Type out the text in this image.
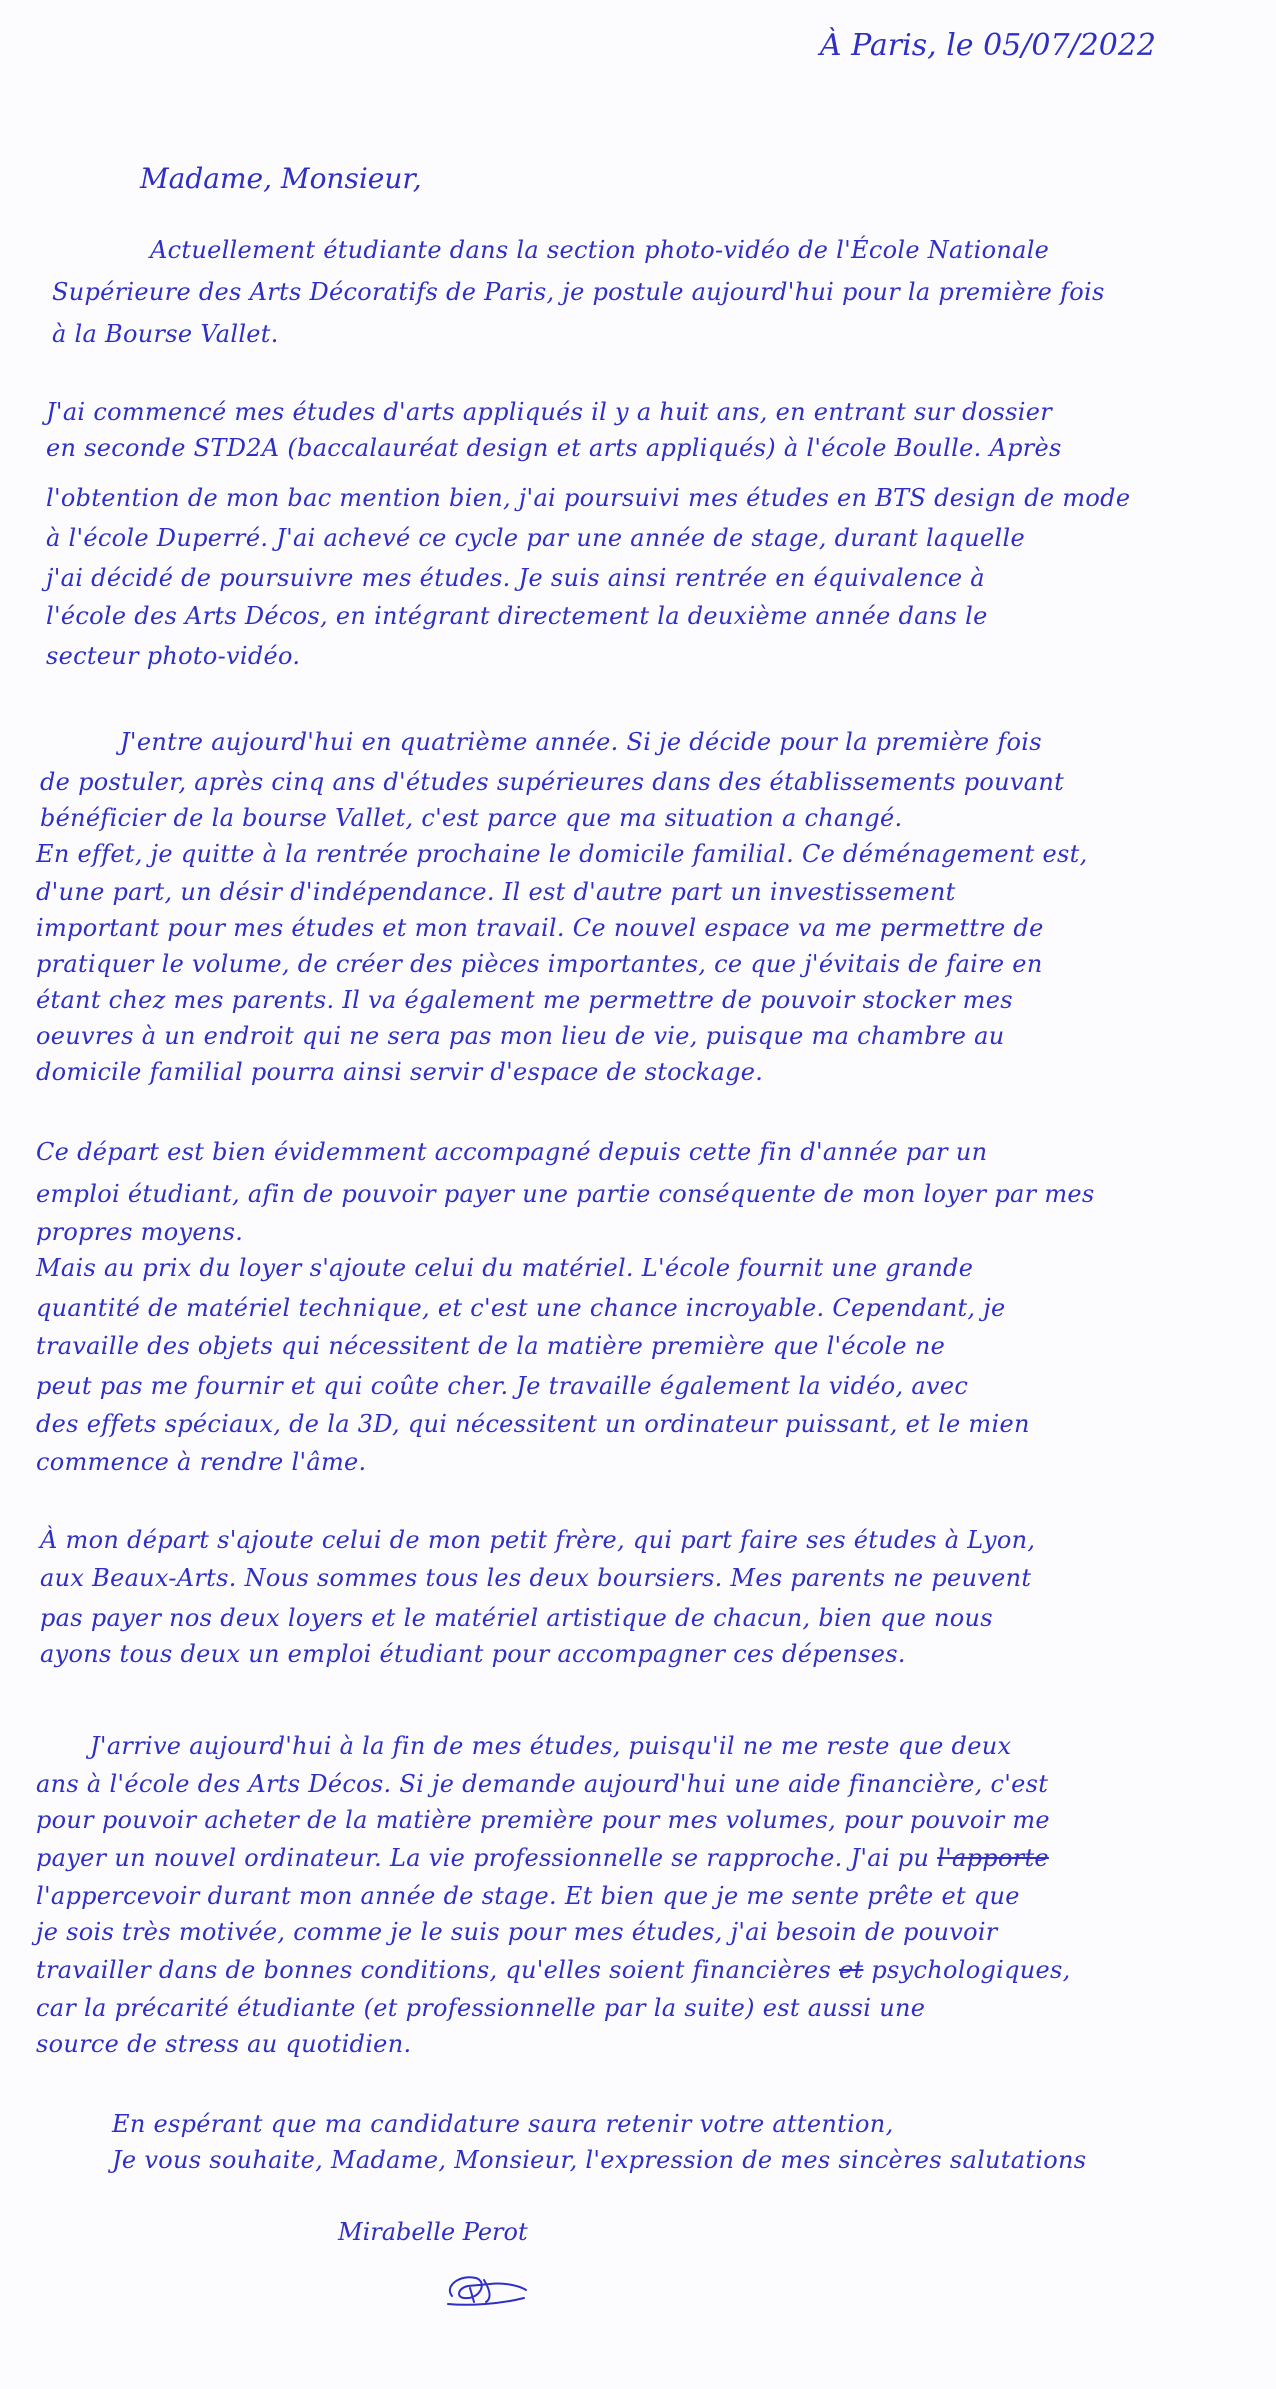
À Paris, le 05/07/2022
Madame, Monsieur,
Actuellement étudiante dans la section photo-vidéo de l'École Nationale
Supérieure des Arts Décoratifs de Paris, je postule aujourd'hui pour la première fois
à la Bourse Vallet.
J'ai commencé mes études d'arts appliqués il y a huit ans, en entrant sur dossier
en seconde STD2A (baccalauréat design et arts appliqués) à l'école Boulle. Après
l'obtention de mon bac mention bien, j'ai poursuivi mes études en BTS design de mode
à l'école Duperré. J'ai achevé ce cycle par une année de stage, durant laquelle
j'ai décidé de poursuivre mes études. Je suis ainsi rentrée en équivalence à
l'école des Arts Décos, en intégrant directement la deuxième année dans le
secteur photo-vidéo.
J'entre aujourd'hui en quatrième année. Si je décide pour la première fois
de postuler, après cinq ans d'études supérieures dans des établissements pouvant
bénéficier de la bourse Vallet, c'est parce que ma situation a changé.
En effet, je quitte à la rentrée prochaine le domicile familial. Ce déménagement est,
d'une part, un désir d'indépendance. Il est d'autre part un investissement
important pour mes études et mon travail. Ce nouvel espace va me permettre de
pratiquer le volume, de créer des pièces importantes, ce que j'évitais de faire en
étant chez mes parents. Il va également me permettre de pouvoir stocker mes
oeuvres à un endroit qui ne sera pas mon lieu de vie, puisque ma chambre au
domicile familial pourra ainsi servir d'espace de stockage.
Ce départ est bien évidemment accompagné depuis cette fin d'année par un
emploi étudiant, afin de pouvoir payer une partie conséquente de mon loyer par mes
propres moyens.
Mais au prix du loyer s'ajoute celui du matériel. L'école fournit une grande
quantité de matériel technique, et c'est une chance incroyable. Cependant, je
travaille des objets qui nécessitent de la matière première que l'école ne
peut pas me fournir et qui coûte cher. Je travaille également la vidéo, avec
des effets spéciaux, de la 3D, qui nécessitent un ordinateur puissant, et le mien
commence à rendre l'âme.
À mon départ s'ajoute celui de mon petit frère, qui part faire ses études à Lyon,
aux Beaux-Arts. Nous sommes tous les deux boursiers. Mes parents ne peuvent
pas payer nos deux loyers et le matériel artistique de chacun, bien que nous
ayons tous deux un emploi étudiant pour accompagner ces dépenses.
J'arrive aujourd'hui à la fin de mes études, puisqu'il ne me reste que deux
ans à l'école des Arts Décos. Si je demande aujourd'hui une aide financière, c'est
pour pouvoir acheter de la matière première pour mes volumes, pour pouvoir me
payer un nouvel ordinateur. La vie professionnelle se rapproche. J'ai pu l'apporte
l'appercevoir durant mon année de stage. Et bien que je me sente prête et que
je sois très motivée, comme je le suis pour mes études, j'ai besoin de pouvoir
travailler dans de bonnes conditions, qu'elles soient financières et psychologiques,
car la précarité étudiante (et professionnelle par la suite) est aussi une
source de stress au quotidien.
En espérant que ma candidature saura retenir votre attention,
Je vous souhaite, Madame, Monsieur, l'expression de mes sincères salutations
Mirabelle Perot
